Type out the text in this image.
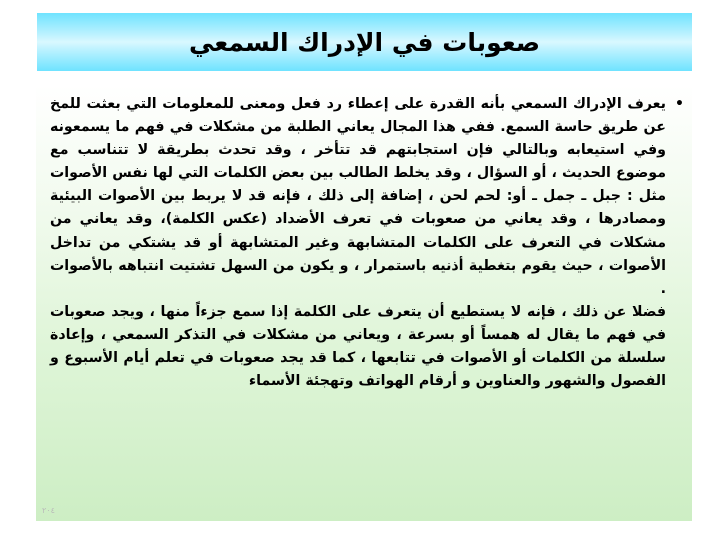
صعوبات في الإدراك السمعي
•

يعرف الإدراك السمعي بأنه القدرة على إعطاء رد فعل ومعنى للمعلومات التي بعثت للمخ عن طريق حاسة السمع. ففي هذا المجال يعاني الطلبة من مشكلات في فهم ما يسمعونه وفي استيعابه وبالتالي فإن استجابتهم قد تتأخر ، وقد تحدث بطريقة لا تتناسب مع موضوع الحديث ، أو السؤال ، وقد يخلط الطالب بين بعض الكلمات التي لها نفس الأصوات مثل : جبل ـ جمل ـ أو: لحم لحن ، إضافة إلى ذلك ، فإنه قد لا يربط بين الأصوات البيئية ومصادرها ، وقد يعاني من صعوبات في تعرف الأضداد (عكس الكلمة)، وقد يعاني من مشكلات في التعرف على الكلمات المتشابهة وغير المتشابهة أو قد يشتكي من تداخل الأصوات ، حيث يقوم بتغطية أذنيه باستمرار ، و يكون من السهل تشتيت انتباهه بالأصوات .

فضلا عن ذلك ، فإنه لا يستطيع أن يتعرف على الكلمة إذا سمع جزءاً منها ، ويجد صعوبات في فهم ما يقال له همساً أو بسرعة ، ويعاني من مشكلات في التذكر السمعي ، وإعادة سلسلة من الكلمات أو الأصوات في تتابعها ، كما قد يجد صعوبات في تعلم أيام الأسبوع و الفصول والشهور والعناوين و أرقام الهواتف وتهجئة الأسماء

٢٠٤
